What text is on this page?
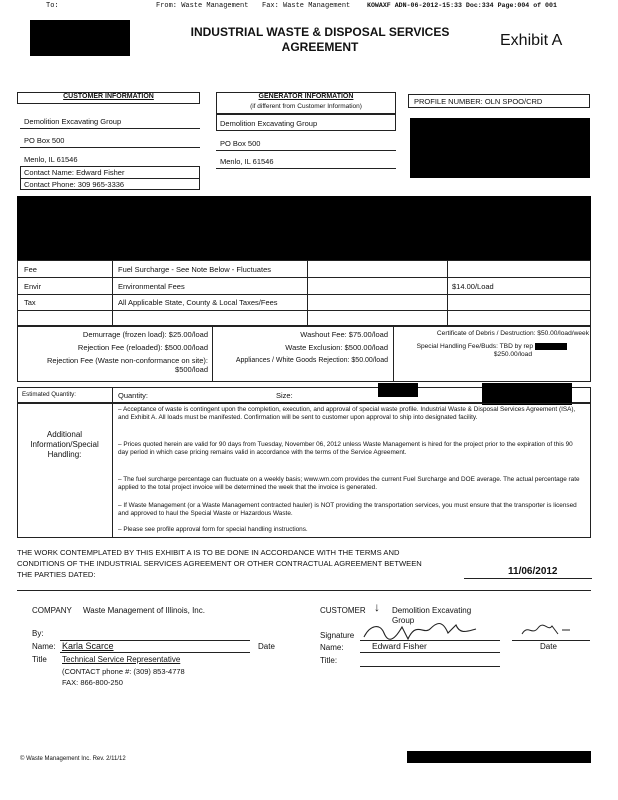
To:	From: Waste Management Fax: Waste Management	KOWAXF ADN-06-2012-15:33 Doc:334 Page:004 of 001
INDUSTRIAL WASTE & DISPOSAL SERVICES
AGREEMENT	Exhibit A
CUSTOMER INFORMATION
Demolition Excavating Group
PO Box 500
Menlo, IL 61546
Contact Name: Edward Fisher
Contact Phone: 309 965-3336
GENERATOR INFORMATION
(if different from Customer Information)
Demolition Excavating Group
PO Box 500
Menlo, IL 61546
PROFILE NUMBER: OLN SPOO/CRD
Fee	Fuel Surcharge - See Note Below - Fluctuates
Envir	Environmental Fees	$14.00/Load
Tax	All Applicable State, County & Local Taxes/Fees
Demurrage (frozen load): $25.00/load
Rejection Fee (reloaded): $500.00/load
Rejection Fee (Waste non-conformance on site): $500/load
Washout Fee: $75.00/load
Waste Exclusion: $500.00/load
Appliances / White Goods Rejection: $50.00/load
Certificate of Debris / Destruction: $50.00/load/week
Special Handling Fee/Buds: TBD by rep
$250.00/load
Estimated Quantity:	Quantity:	Size:
Additional
Information/Special
Handling:
– Acceptance of waste is contingent upon the completion, execution, and approval of special waste profile. Industrial Waste & Disposal Services Agreement (ISA), and Exhibit A. All loads must be manifested. Confirmation will be sent to customer upon approval to ship into designated facility.
– Prices quoted herein are valid for 90 days from Tuesday, November 06, 2012 unless Waste Management is hired for the project prior to the expiration of this 90 day period in which case pricing remains valid in accordance with the terms of the Service Agreement.
– The fuel surcharge percentage can fluctuate on a weekly basis; www.wm.com provides the current Fuel Surcharge and DOE average. The actual percentage rate applied to the total project invoice will be determined the week that the invoice is generated.
– If Waste Management (or a Waste Management contracted hauler) is NOT providing the transportation services, you must ensure that the transporter is licensed and approved to haul the Special Waste or Hazardous Waste.
– Please see profile approval form for special handling instructions.
THE WORK CONTEMPLATED BY THIS EXHIBIT A IS TO BE DONE IN ACCORDANCE WITH THE TERMS AND
CONDITIONS OF THE INDUSTRIAL SERVICES AGREEMENT OR OTHER CONTRACTUAL AGREEMENT BETWEEN
THE PARTIES DATED:	11/06/2012
COMPANY Waste Management of Illinois, Inc.
By:
Name: Karla Scarce	Date
Title Technical Service Representative
(CONTACT phone #: (309) 853-4778
FAX: 866-800-250
CUSTOMER ↓ Demolition Excavating
Group
Signature
Name:	Edward Fisher	Date
Title:
© Waste Management Inc. Rev. 2/11/12
